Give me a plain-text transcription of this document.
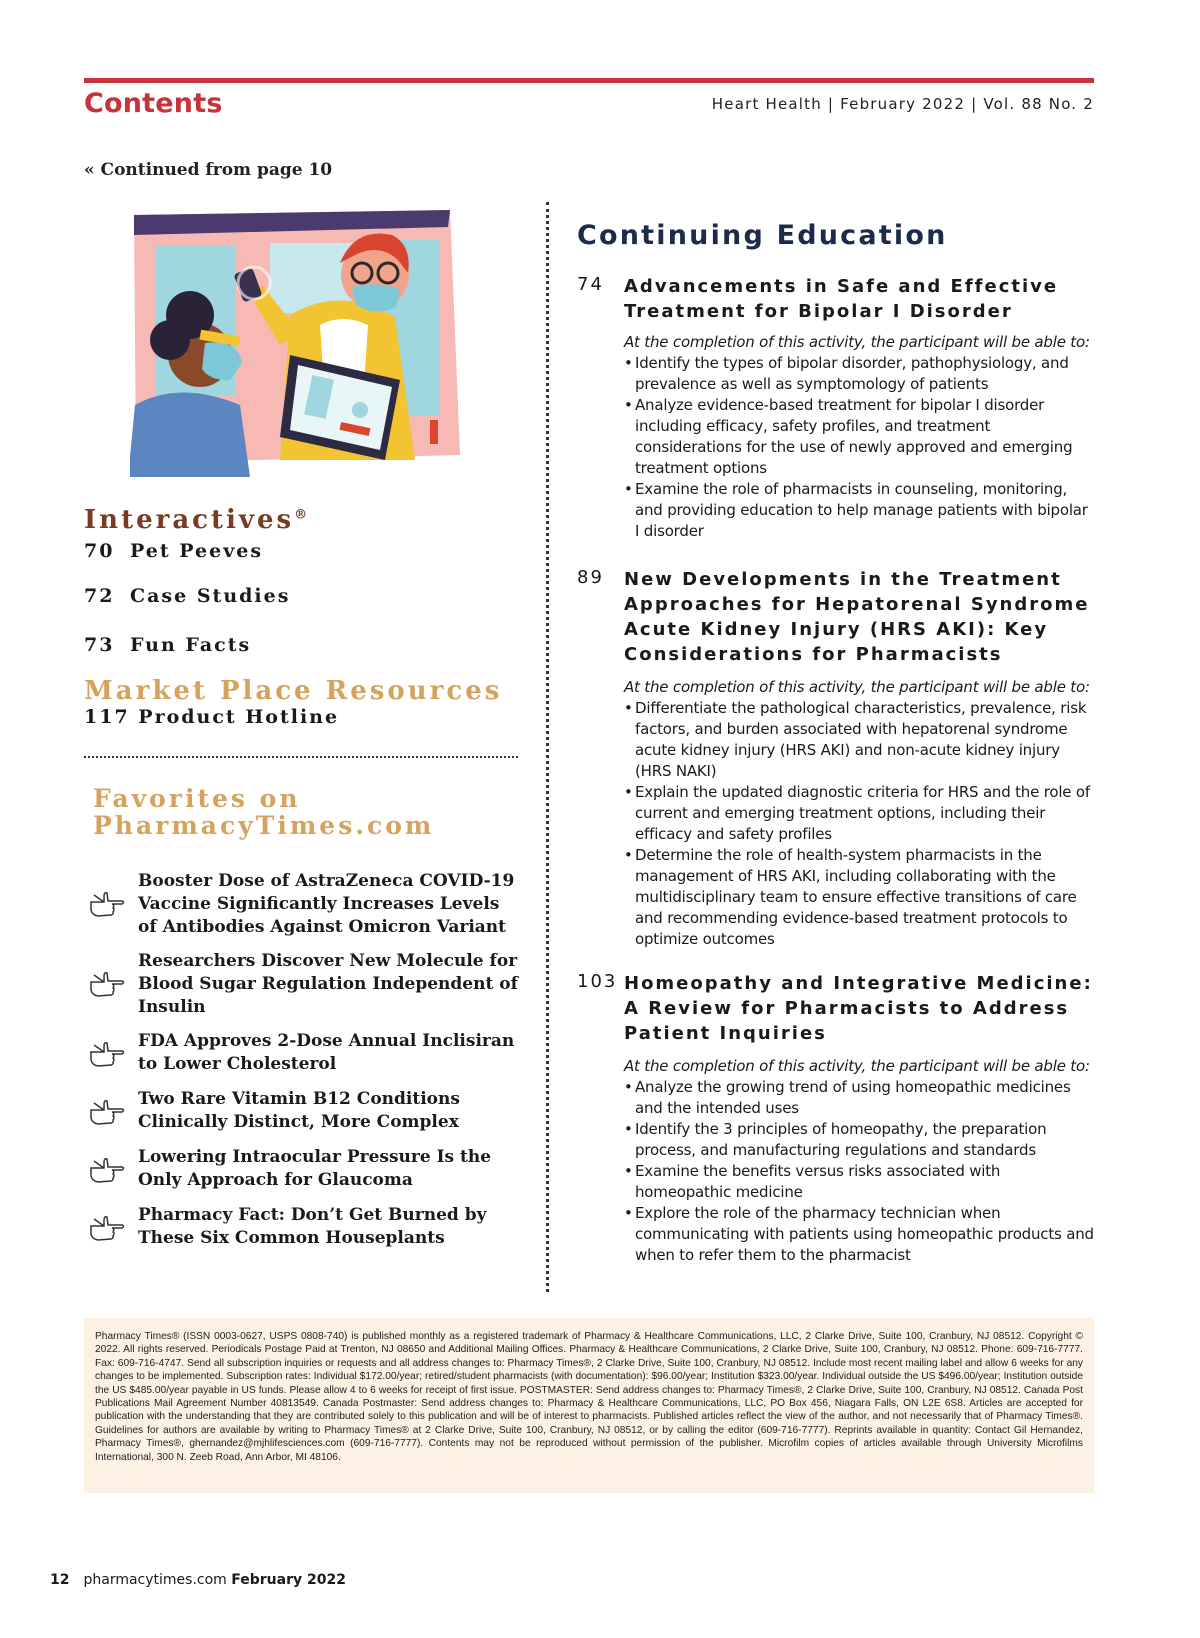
Contents	Heart Health | February 2022 | Vol. 88 No. 2
« Continued from page 10
Interactives®
70 Pet Peeves
72 Case Studies
73 Fun Facts
Market Place Resources
117 Product Hotline
Favorites on
PharmacyTimes.com
Booster Dose of AstraZeneca COVID-19 Vaccine Significantly Increases Levels of Antibodies Against Omicron Variant
Researchers Discover New Molecule for Blood Sugar Regulation Independent of Insulin
FDA Approves 2-Dose Annual Inclisiran to Lower Cholesterol
Two Rare Vitamin B12 Conditions Clinically Distinct, More Complex
Lowering Intraocular Pressure Is the Only Approach for Glaucoma
Pharmacy Fact: Don’t Get Burned by These Six Common Houseplants
Continuing Education
74 Advancements in Safe and Effective Treatment for Bipolar I Disorder
At the completion of this activity, the participant will be able to:
• Identify the types of bipolar disorder, pathophysiology, and prevalence as well as symptomology of patients
• Analyze evidence-based treatment for bipolar I disorder including efficacy, safety profiles, and treatment considerations for the use of newly approved and emerging treatment options
• Examine the role of pharmacists in counseling, monitoring, and providing education to help manage patients with bipolar I disorder
89 New Developments in the Treatment Approaches for Hepatorenal Syndrome Acute Kidney Injury (HRS AKI): Key Considerations for Pharmacists
At the completion of this activity, the participant will be able to:
• Differentiate the pathological characteristics, prevalence, risk factors, and burden associated with hepatorenal syndrome acute kidney injury (HRS AKI) and non-acute kidney injury (HRS NAKI)
• Explain the updated diagnostic criteria for HRS and the role of current and emerging treatment options, including their efficacy and safety profiles
• Determine the role of health-system pharmacists in the management of HRS AKI, including collaborating with the multidisciplinary team to ensure effective transitions of care and recommending evidence-based treatment protocols to optimize outcomes
103 Homeopathy and Integrative Medicine: A Review for Pharmacists to Address Patient Inquiries
At the completion of this activity, the participant will be able to:
• Analyze the growing trend of using homeopathic medicines and the intended uses
• Identify the 3 principles of homeopathy, the preparation process, and manufacturing regulations and standards
• Examine the benefits versus risks associated with homeopathic medicine
• Explore the role of the pharmacy technician when communicating with patients using homeopathic products and when to refer them to the pharmacist

Pharmacy Times® (ISSN 0003-0627, USPS 0808-740) is published monthly as a registered trademark of Pharmacy & Healthcare Communications, LLC, 2 Clarke Drive, Suite 100, Cranbury, NJ 08512. Copyright © 2022. All rights reserved. Periodicals Postage Paid at Trenton, NJ 08650 and Additional Mailing Offices. Pharmacy & Healthcare Communications, 2 Clarke Drive, Suite 100, Cranbury, NJ 08512. Phone: 609-716-7777. Fax: 609-716-4747. Send all subscription inquiries or requests and all address changes to: Pharmacy Times®, 2 Clarke Drive, Suite 100, Cranbury, NJ 08512. Include most recent mailing label and allow 6 weeks for any changes to be implemented. Subscription rates: Individual $172.00/year; retired/student pharmacists (with documentation): $96.00/year; Institution $323.00/year. Individual outside the US $496.00/year; Institution outside the US $485.00/year payable in US funds. Please allow 4 to 6 weeks for receipt of first issue. POSTMASTER: Send address changes to: Pharmacy Times®, 2 Clarke Drive, Suite 100, Cranbury, NJ 08512. Canada Post Publications Mail Agreement Number 40813549. Canada Postmaster: Send address changes to: Pharmacy & Healthcare Communications, LLC, PO Box 456, Niagara Falls, ON L2E 6S8. Articles are accepted for publication with the understanding that they are contributed solely to this publication and will be of interest to pharmacists. Published articles reflect the view of the author, and not necessarily that of Pharmacy Times®. Guidelines for authors are available by writing to Pharmacy Times® at 2 Clarke Drive, Suite 100, Cranbury, NJ 08512, or by calling the editor (609-716-7777). Reprints available in quantity: Contact Gil Hernandez, Pharmacy Times®, ghernandez@mjhlifesciences.com (609-716-7777). Contents may not be reproduced without permission of the publisher. Microfilm copies of articles available through University Microfilms International, 300 N. Zeeb Road, Ann Arbor, MI 48106.

12 pharmacytimes.com February 2022
